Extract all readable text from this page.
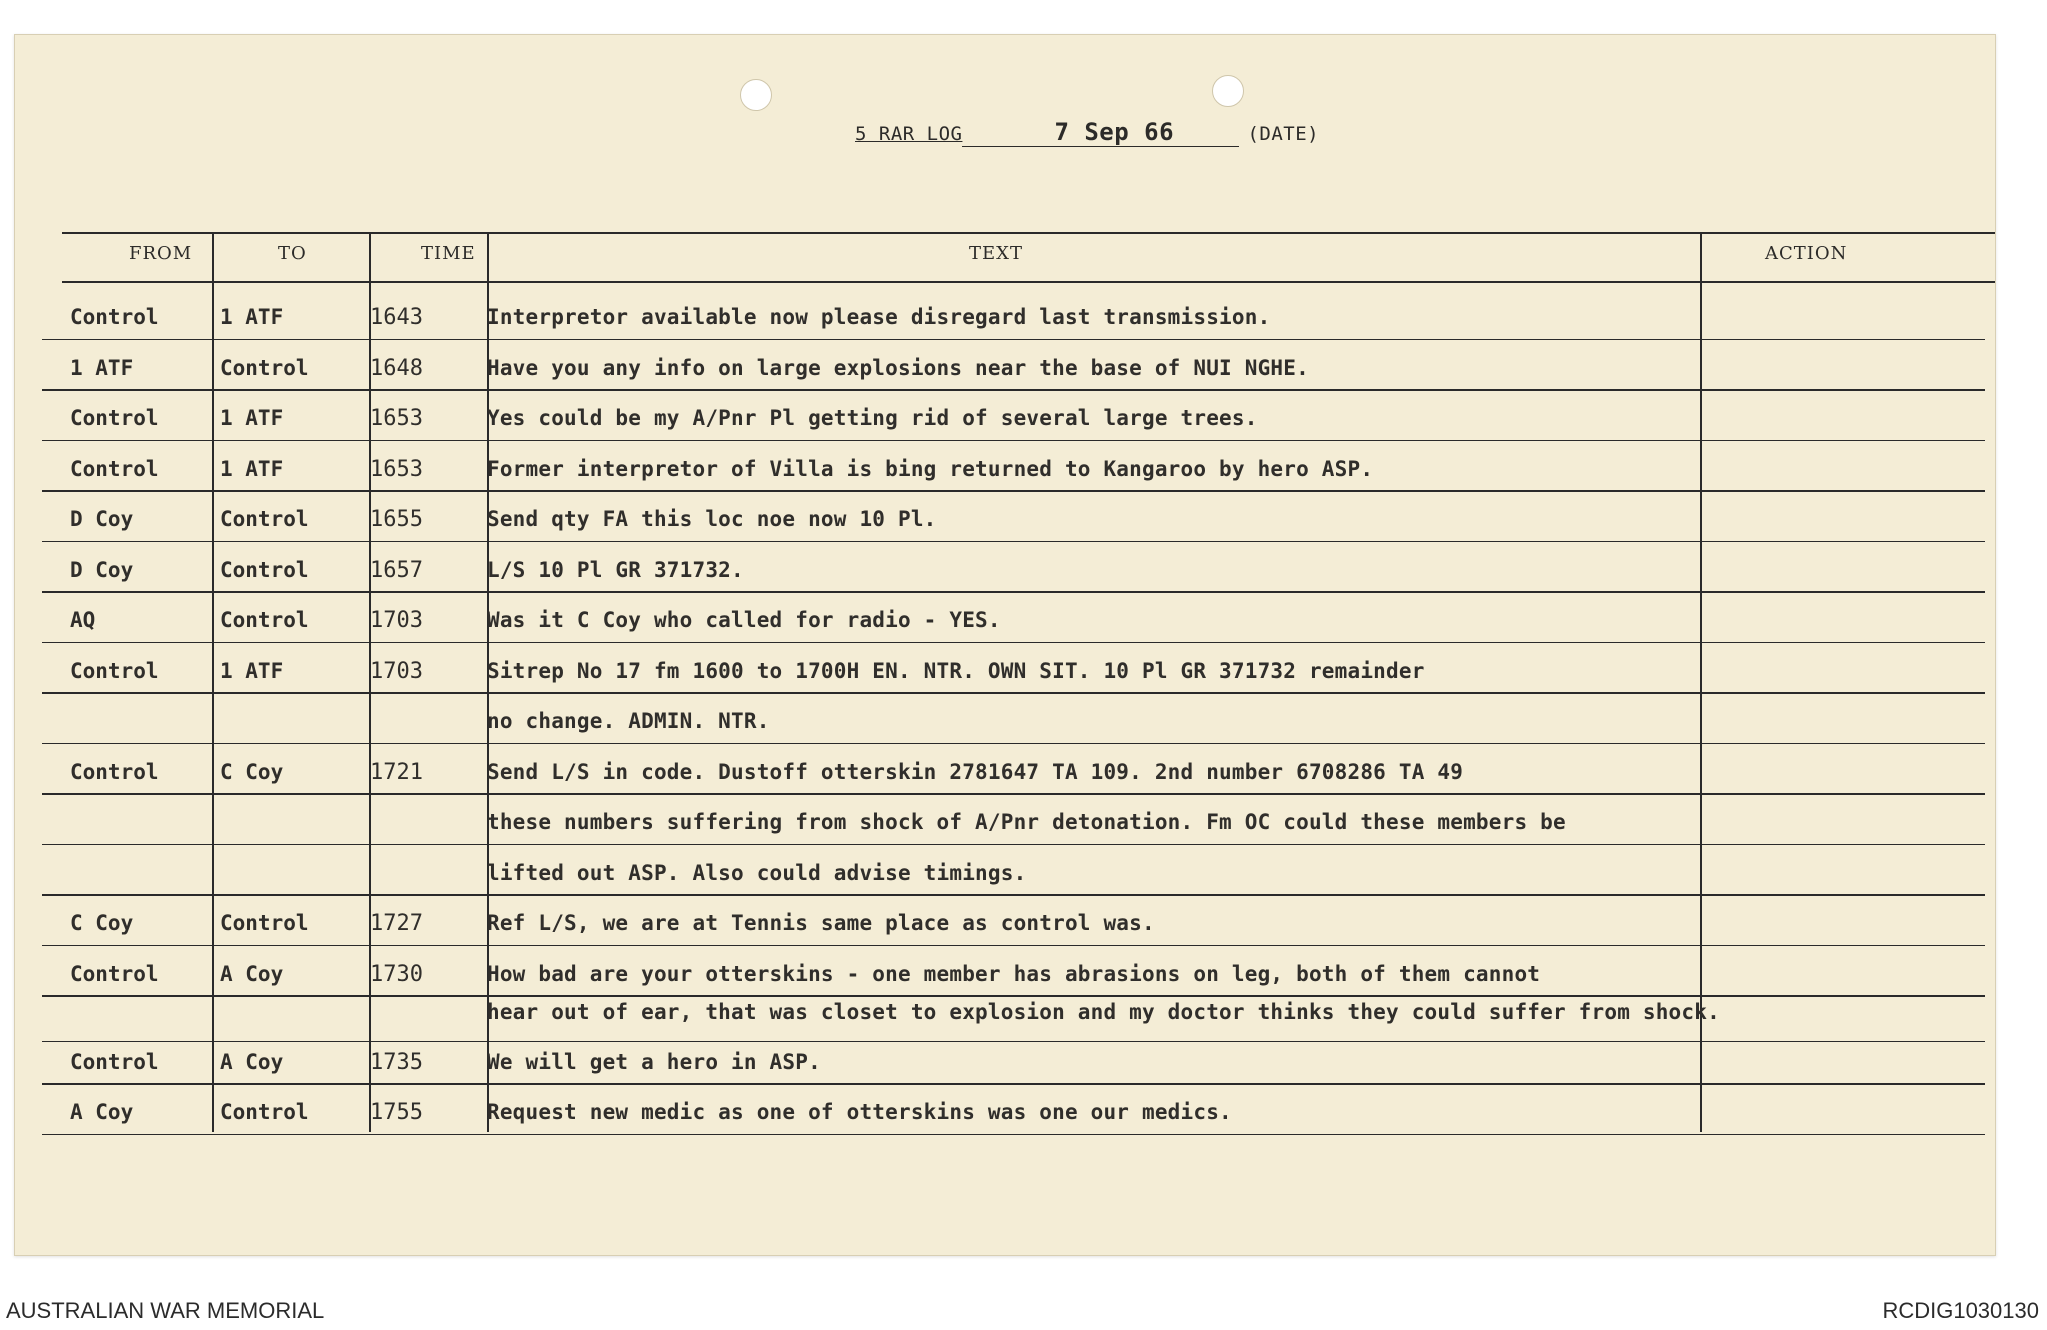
5 RAR LOG	7 Sep 66	(DATE)
FROM	TO	TIME	TEXT	ACTION
Control	1 ATF	1643	Interpretor available now please disregard last transmission.
1 ATF	Control	1648	Have you any info on large explosions near the base of NUI NGHE.
Control	1 ATF	1653	Yes could be my A/Pnr Pl getting rid of several large trees.
Control	1 ATF	1653	Former interpretor of Villa is bing returned to Kangaroo by hero ASP.
D Coy	Control	1655	Send qty FA this loc noe now 10 Pl.
D Coy	Control	1657	L/S 10 Pl GR 371732.
AQ	Control	1703	Was it C Coy who called for radio - YES.
Control	1 ATF	1703	Sitrep No 17 fm 1600 to 1700H EN. NTR. OWN SIT. 10 Pl GR 371732 remainder
no change. ADMIN. NTR.
Control	C Coy	1721	Send L/S in code. Dustoff otterskin 2781647 TA 109. 2nd number 6708286 TA 49
these numbers suffering from shock of A/Pnr detonation. Fm OC could these members be
lifted out ASP. Also could advise timings.
C Coy	Control	1727	Ref L/S, we are at Tennis same place as control was.
Control	A Coy	1730	How bad are your otterskins - one member has abrasions on leg, both of them cannot
hear out of ear, that was closet to explosion and my doctor thinks they could suffer from shock.
Control	A Coy	1735	We will get a hero in ASP.
A Coy	Control	1755	Request new medic as one of otterskins was one our medics.
AUSTRALIAN WAR MEMORIAL	RCDIG1030130
